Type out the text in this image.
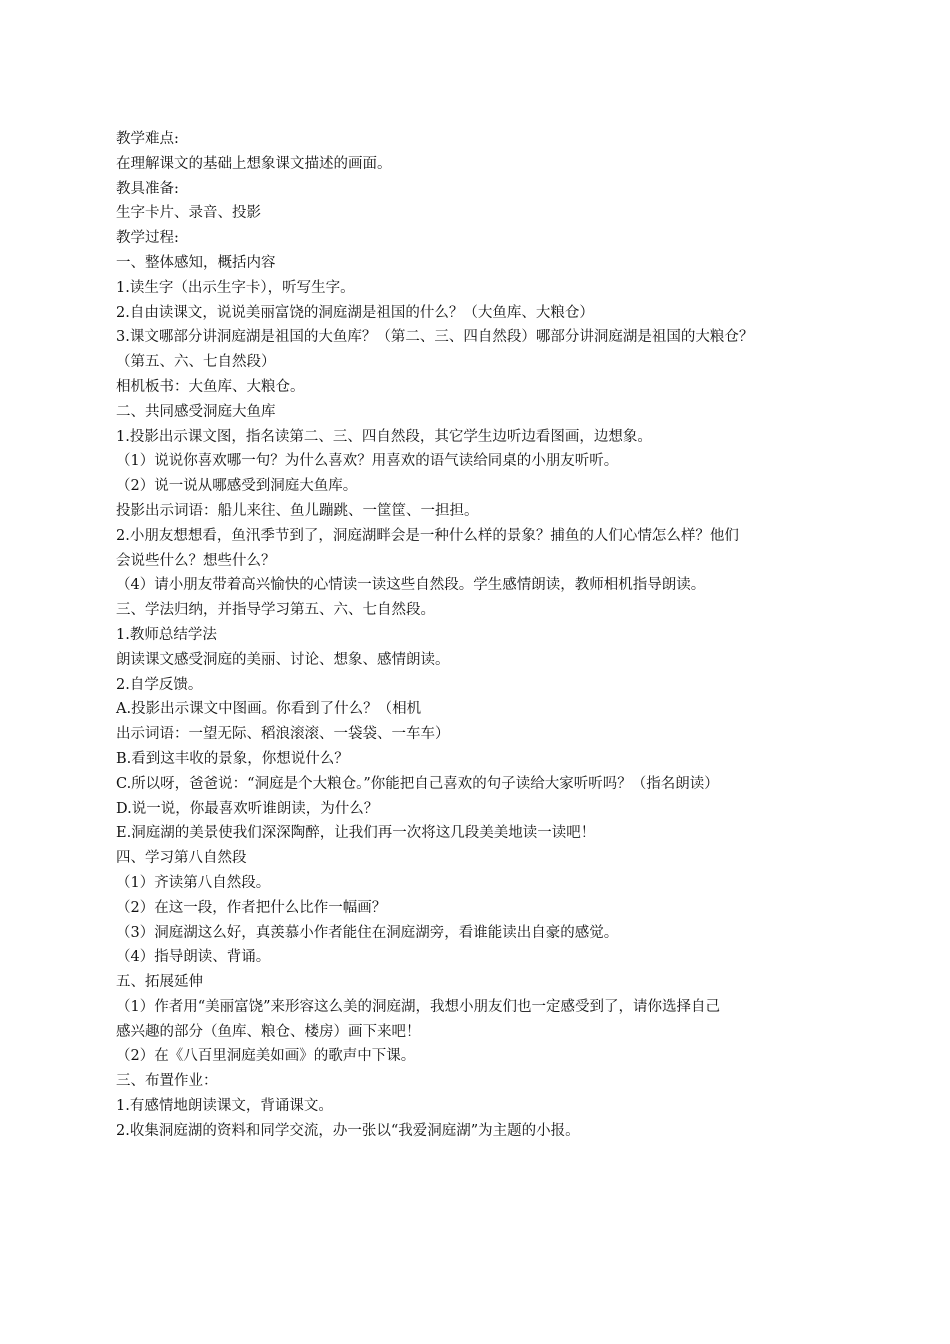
教学难点:
在理解课文的基础上想象课文描述的画面。
教具准备:
生字卡片、录音、投影
教学过程:
一、整体感知，概括内容
1.读生字（出示生字卡），听写生字。
2.自由读课文，说说美丽富饶的洞庭湖是祖国的什么？（大鱼库、大粮仓）
3.课文哪部分讲洞庭湖是祖国的大鱼库？（第二、三、四自然段）哪部分讲洞庭湖是祖国的大粮仓？
（第五、六、七自然段）
相机板书：大鱼库、大粮仓。
二、共同感受洞庭大鱼库
1.投影出示课文图，指名读第二、三、四自然段，其它学生边听边看图画，边想象。
（1）说说你喜欢哪一句？为什么喜欢？用喜欢的语气读给同桌的小朋友听听。
（2）说一说从哪感受到洞庭大鱼库。
投影出示词语：船儿来往、鱼儿蹦跳、一筐筐、一担担。
2.小朋友想想看，鱼汛季节到了，洞庭湖畔会是一种什么样的景象？捕鱼的人们心情怎么样？他们
会说些什么？想些什么？
（4）请小朋友带着高兴愉快的心情读一读这些自然段。学生感情朗读，教师相机指导朗读。
三、学法归纳，并指导学习第五、六、七自然段。
1.教师总结学法
朗读课文感受洞庭的美丽、讨论、想象、感情朗读。
2.自学反馈。
A.投影出示课文中图画。你看到了什么？（相机
出示词语：一望无际、稻浪滚滚、一袋袋、一车车）
B.看到这丰收的景象，你想说什么？
C.所以呀，爸爸说：“洞庭是个大粮仓。”你能把自己喜欢的句子读给大家听听吗？（指名朗读）
D.说一说，你最喜欢听谁朗读，为什么？
E.洞庭湖的美景使我们深深陶醉，让我们再一次将这几段美美地读一读吧！
四、学习第八自然段
（1）齐读第八自然段。
（2）在这一段，作者把什么比作一幅画？
（3）洞庭湖这么好，真羡慕小作者能住在洞庭湖旁，看谁能读出自豪的感觉。
（4）指导朗读、背诵。
五、拓展延伸
（1）作者用“美丽富饶”来形容这么美的洞庭湖，我想小朋友们也一定感受到了，请你选择自己
感兴趣的部分（鱼库、粮仓、楼房）画下来吧！
（2）在《八百里洞庭美如画》的歌声中下课。
三、布置作业：
1.有感情地朗读课文，背诵课文。
2.收集洞庭湖的资料和同学交流，办一张以“我爱洞庭湖”为主题的小报。
